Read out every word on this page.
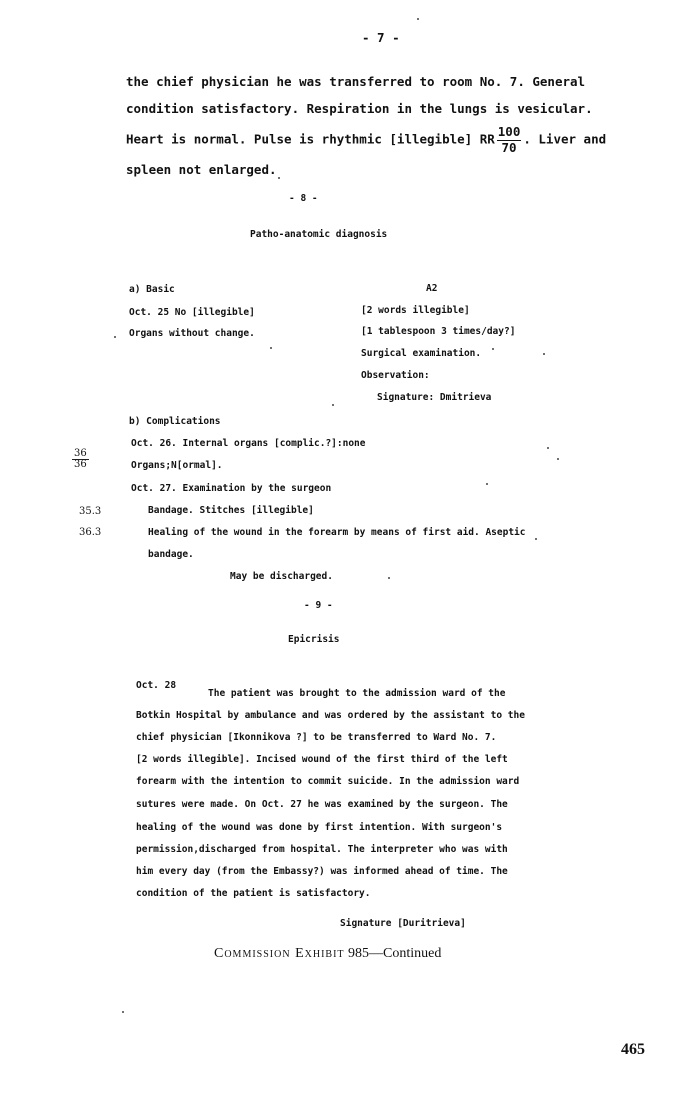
- 7 -
the chief physician he was transferred to room No. 7. General
condition satisfactory. Respiration in the lungs is vesicular.
Heart is normal. Pulse is rhythmic [illegible] RR $\frac{100}{70}$ . Liver and
spleen not enlarged.
- 8 -
Patho-anatomic diagnosis
a) Basic	A2
Oct. 25 No [illegible]
Organs without change.
[2 words illegible]
[1 tablespoon 3 times/day?]
Surgical examination.
Observation:
Signature: Dmitrieva
b) Complications
Oct. 26. Internal organs [complic.?]:none
Organs;N[ormal].
Oct. 27. Examination by the surgeon
Bandage. Stitches [illegible]
Healing of the wound in the forearm by means of first aid. Aseptic
bandage.
May be discharged.
$\frac{36}{36}$
35.3
36.3
- 9 -
Epicrisis
Oct. 28
The patient was brought to the admission ward of the
Botkin Hospital by ambulance and was ordered by the assistant to the
chief physician [Ikonnikova ?] to be transferred to Ward No. 7.
[2 words illegible]. Incised wound of the first third of the left
forearm with the intention to commit suicide. In the admission ward
sutures were made. On Oct. 27 he was examined by the surgeon. The
healing of the wound was done by first intention. With surgeon's
permission,discharged from hospital. The interpreter who was with
him every day (from the Embassy?) was informed ahead of time. The
condition of the patient is satisfactory.
Signature [Duritrieva]
Commission Exhibit 985—Continued
465
